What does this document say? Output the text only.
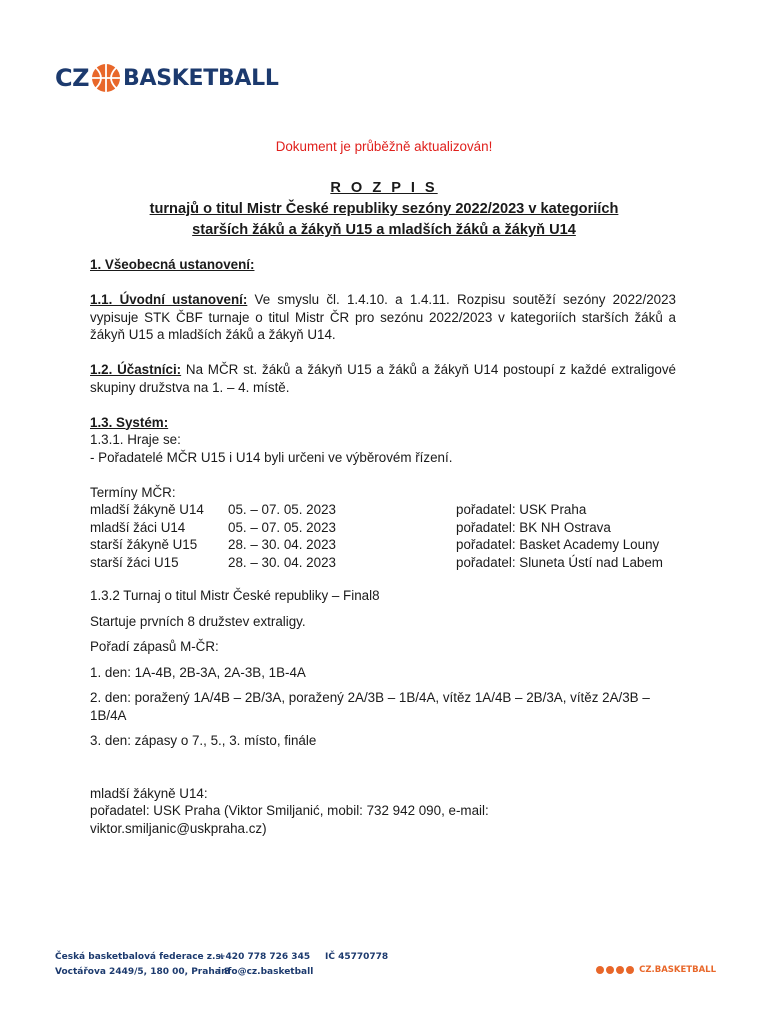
CZ BASKETBALL
Dokument je průběžně aktualizován!
R O Z P I S
turnajů o titul Mistr České republiky sezóny 2022/2023 v kategoriích
starších žáků a žákyň U15 a mladších žáků a žákyň U14

1. Všeobecná ustanovení:

1.1. Úvodní ustanovení: Ve smyslu čl. 1.4.10. a 1.4.11. Rozpisu soutěží sezóny 2022/2023 vypisuje STK ČBF turnaje o titul Mistr ČR pro sezónu 2022/2023 v kategoriích starších žáků a žákyň U15 a mladších žáků a žákyň U14.

1.2. Účastníci: Na MČR st. žáků a žákyň U15 a žáků a žákyň U14 postoupí z každé extraligové skupiny družstva na 1. – 4. místě.

1.3. Systém:

1.3.1. Hraje se:

- Pořadatelé MČR U15 i U14 byli určeni ve výběrovém řízení.

Termíny MČR:

mladší žákyně U14	05. – 07. 05. 2023	pořadatel: USK Praha
mladší žáci U14	05. – 07. 05. 2023	pořadatel: BK NH Ostrava
starší žákyně U15	28. – 30. 04. 2023	pořadatel: Basket Academy Louny
starší žáci U15	28. – 30. 04. 2023	pořadatel: Sluneta Ústí nad Labem

1.3.2 Turnaj o titul Mistr České republiky – Final8

Startuje prvních 8 družstev extraligy.

Pořadí zápasů M-ČR:

1. den: 1A-4B, 2B-3A, 2A-3B, 1B-4A

2. den: poražený 1A/4B – 2B/3A, poražený 2A/3B – 1B/4A, vítěz 1A/4B – 2B/3A, vítěz 2A/3B – 1B/4A

3. den: zápasy o 7., 5., 3. místo, finále

mladší žákyně U14:

pořadatel: USK Praha (Viktor Smiljanić, mobil: 732 942 090, e-mail:

viktor.smiljanic@uskpraha.cz)

Česká basketbalová federace z.s.
Voctářova 2449/5, 180 00, Praha 8
+420 778 726 345
info@cz.basketball
IČ 45770778
CZ.BASKETBALL
